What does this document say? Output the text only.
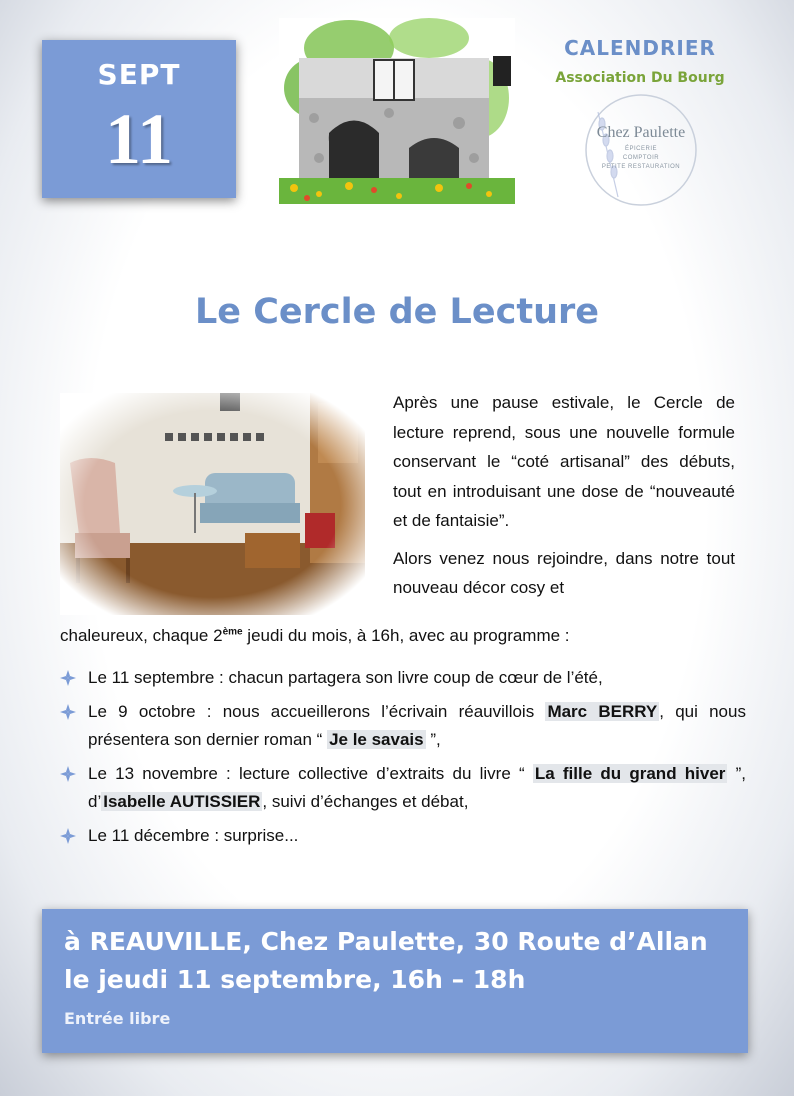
SEPT
11
CALENDRIER
Association Du Bourg
Chez Paulette
ÉPICERIE
COMPTOIR
PETITE RESTAURATION
Le Cercle de Lecture

Après une pause estivale, le Cercle de lecture reprend, sous une nouvelle formule conservant le “coté artisanal” des débuts, tout en introduisant une dose de “nouveauté et de fantaisie”.

Alors venez nous rejoindre, dans notre tout nouveau décor cosy et

chaleureux, chaque 2ème jeudi du mois, à 16h, avec au programme :
Le 11 septembre : chacun partagera son livre coup de cœur de l’été,
Le 9 octobre : nous accueillerons l’écrivain réauvillois Marc BERRY , qui nous présentera son dernier roman “ Je le savais ”,
Le 13 novembre : lecture collective d’extraits du livre “ La fille du grand hiver ”, d’ Isabelle AUTISSIER , suivi d’échanges et débat,
Le 11 décembre : surprise...
à REAUVILLE, Chez Paulette, 30 Route d’Allan
le jeudi 11 septembre, 16h – 18h
Entrée libre
